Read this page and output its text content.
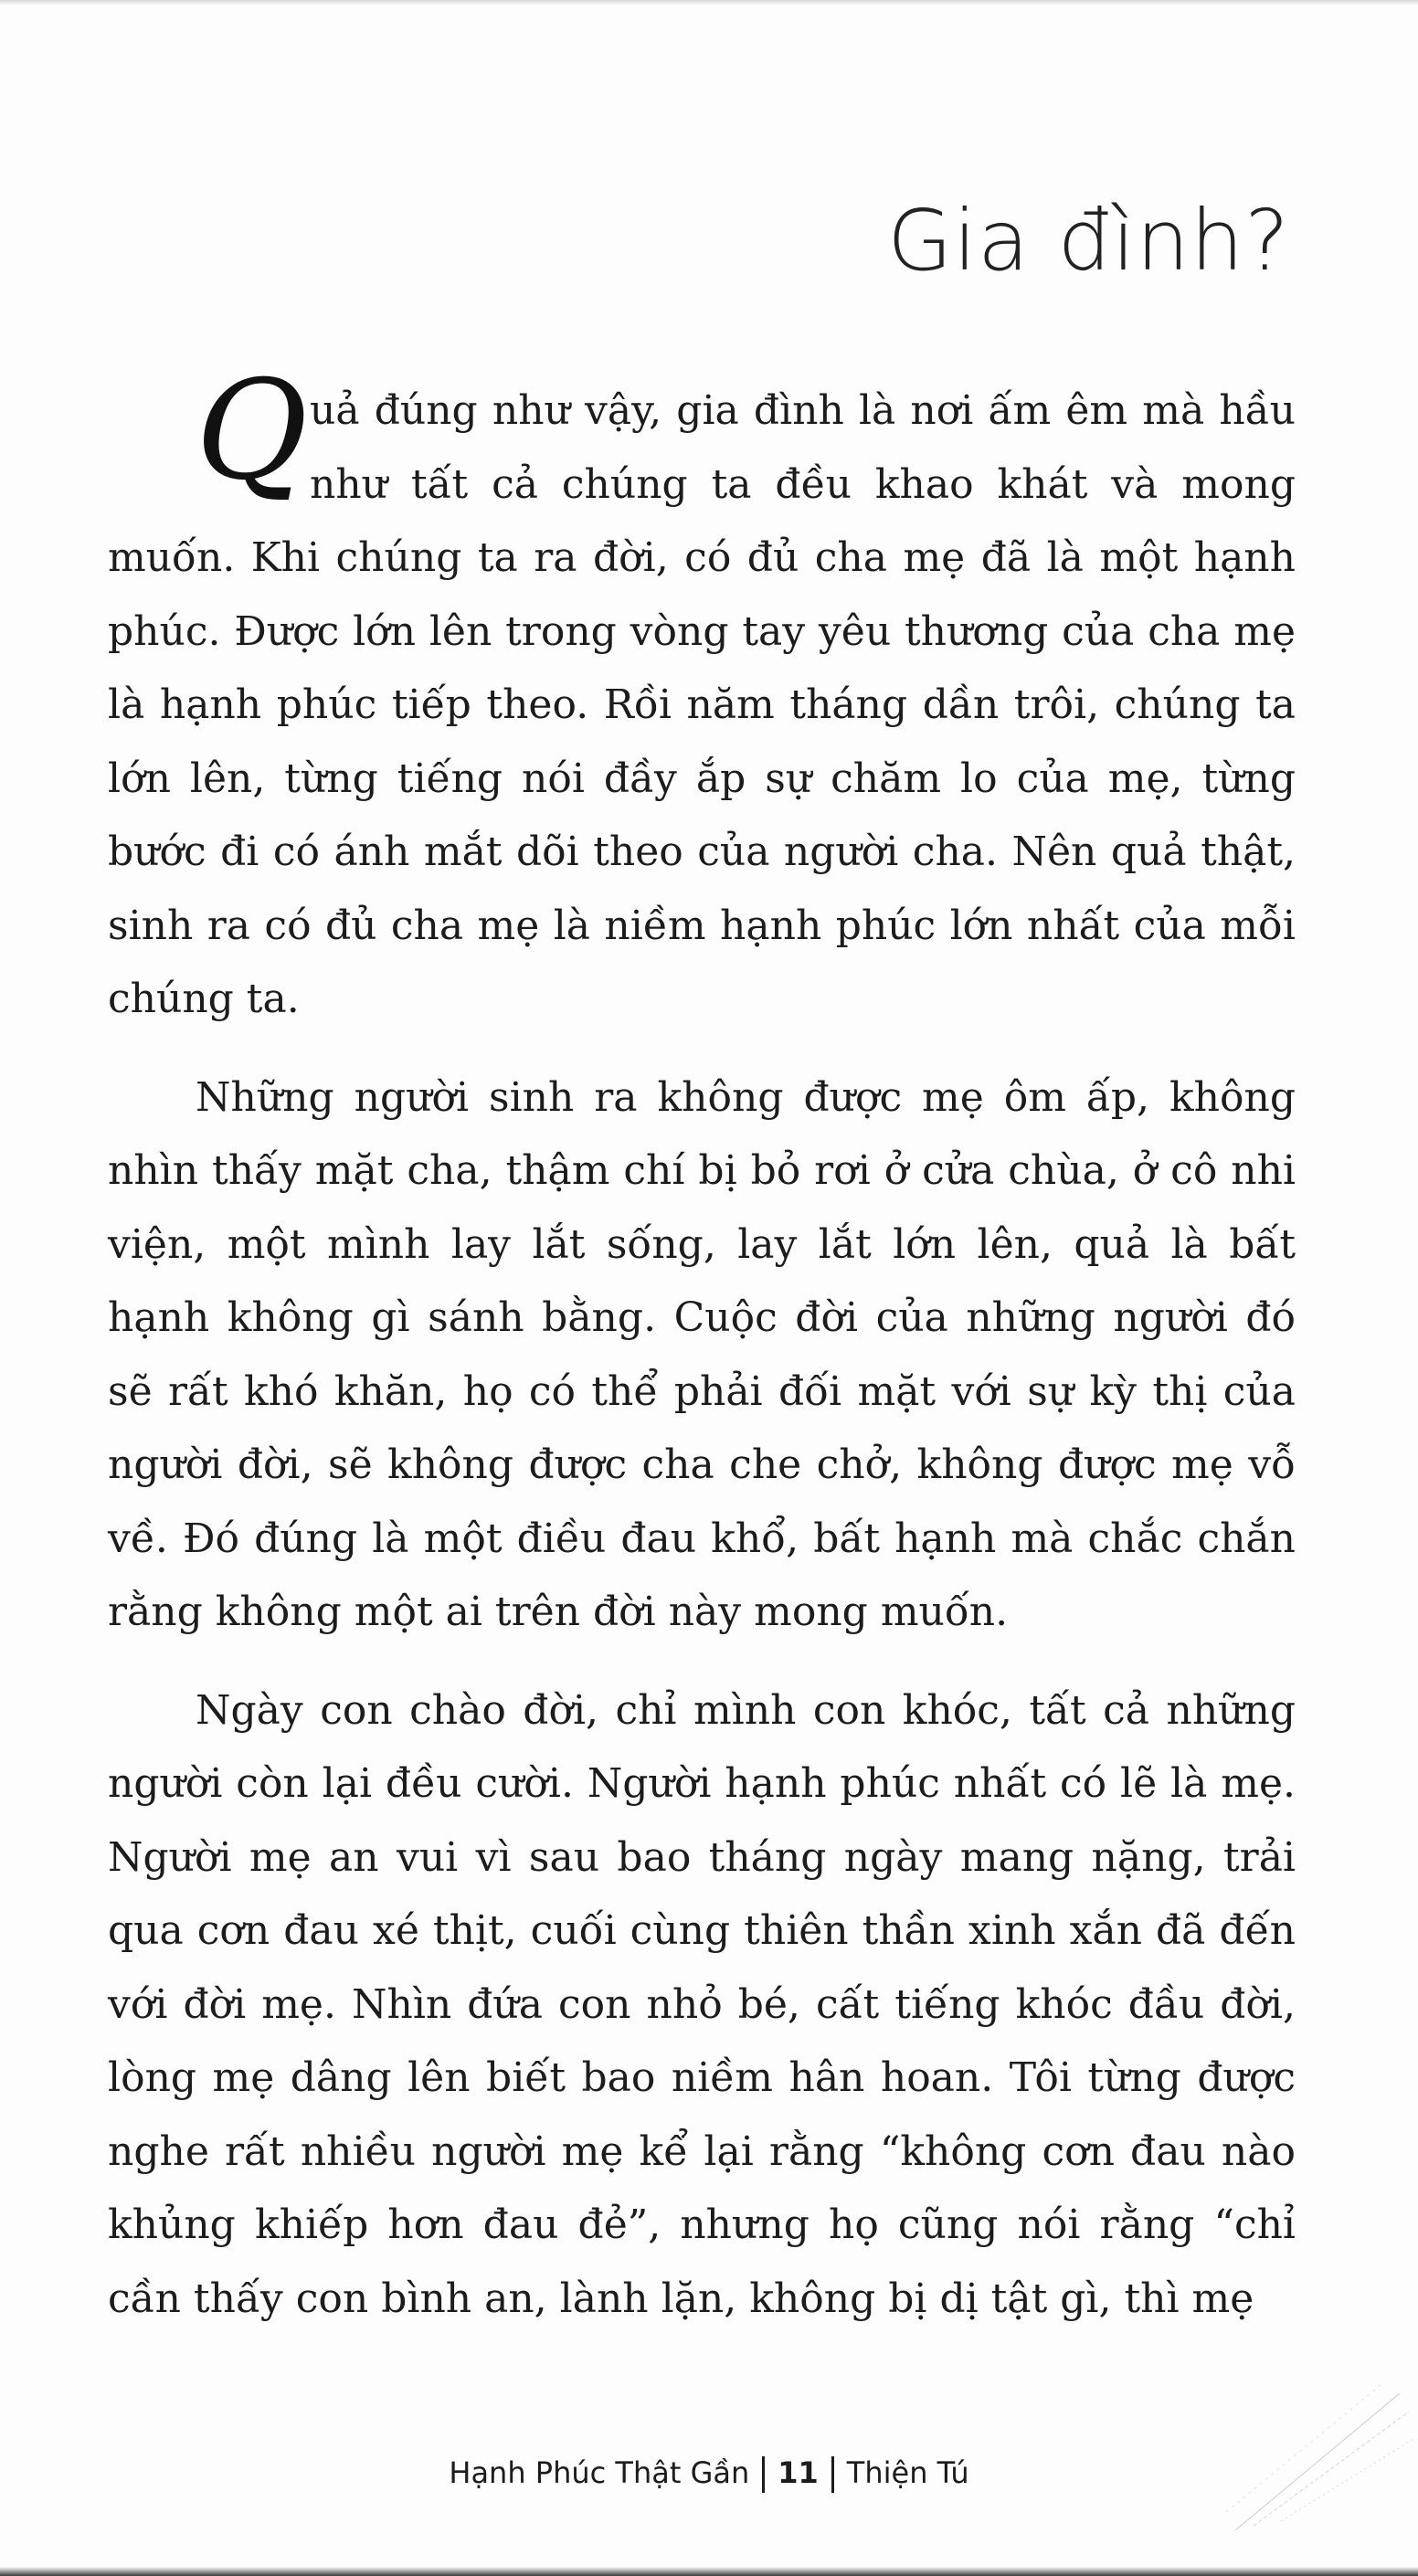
Gia đình?

Quả đúng như vậy, gia đình là nơi ấm êm mà hầu như tất cả chúng ta đều khao khát và mong muốn. Khi chúng ta ra đời, có đủ cha mẹ đã là một hạnh phúc. Được lớn lên trong vòng tay yêu thương của cha mẹ là hạnh phúc tiếp theo. Rồi năm tháng dần trôi, chúng ta lớn lên, từng tiếng nói đầy ắp sự chăm lo của mẹ, từng bước đi có ánh mắt dõi theo của người cha. Nên quả thật, sinh ra có đủ cha mẹ là niềm hạnh phúc lớn nhất của mỗi chúng ta.

Những người sinh ra không được mẹ ôm ấp, không nhìn thấy mặt cha, thậm chí bị bỏ rơi ở cửa chùa, ở cô nhi viện, một mình lay lắt sống, lay lắt lớn lên, quả là bất hạnh không gì sánh bằng. Cuộc đời của những người đó sẽ rất khó khăn, họ có thể phải đối mặt với sự kỳ thị của người đời, sẽ không được cha che chở, không được mẹ vỗ về. Đó đúng là một điều đau khổ, bất hạnh mà chắc chắn rằng không một ai trên đời này mong muốn.

Ngày con chào đời, chỉ mình con khóc, tất cả những người còn lại đều cười. Người hạnh phúc nhất có lẽ là mẹ. Người mẹ an vui vì sau bao tháng ngày mang nặng, trải qua cơn đau xé thịt, cuối cùng thiên thần xinh xắn đã đến với đời mẹ. Nhìn đứa con nhỏ bé, cất tiếng khóc đầu đời, lòng mẹ dâng lên biết bao niềm hân hoan. Tôi từng được nghe rất nhiều người mẹ kể lại rằng “không cơn đau nào khủng khiếp hơn đau đẻ”, nhưng họ cũng nói rằng “chỉ cần thấy con bình an, lành lặn, không bị dị tật gì, thì mẹ

Hạnh Phúc Thật Gần 11 Thiện Tú
